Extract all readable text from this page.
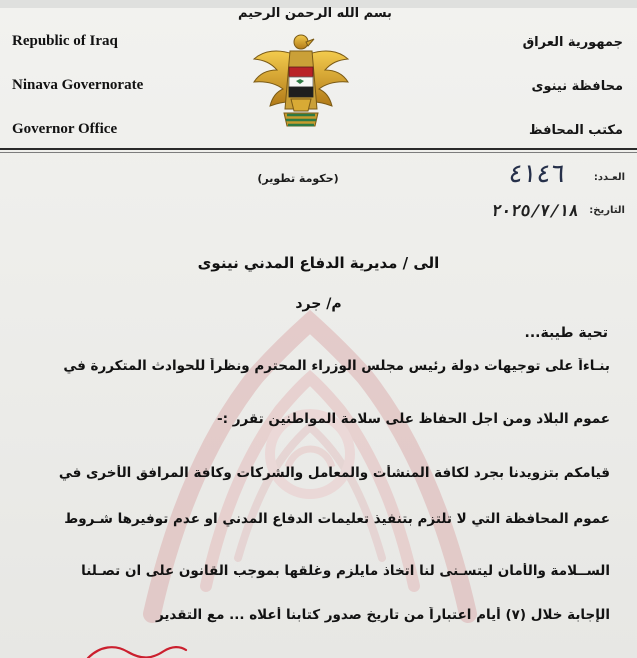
بسم الله الرحمن الرحيم
Republic of Iraq
Ninava Governorate
Governor Office
جمهورية العراق
محافظة نينوى
مكتب المحافظ
(حكومة تطوير)	العـدد:
٤١٤٦
التاريخ:
٢٠٢٥/٧/١٨
الى / مديرية الدفاع المدني نينوى
م/ جرد
تحية طيبة...
بنـاءاً على توجيهات دولة رئيس مجلس الوزراء المحترم ونظراً للحوادث المتكررة في
عموم البلاد ومن اجل الحفاظ على سلامة المواطنين تقرر :-
قيامكم بتزويدنا بجرد لكافة المنشأت والمعامل والشركات وكافة المرافق الأخرى في
عموم المحافظة التي لا تلتزم بتنفيذ تعليمات الدفاع المدني او عدم توفيرها شـروط
الســلامة والأمان ليتسـنى لنا اتخاذ مايلزم وغلقها بموجب القانون على ان تصـلنا
الإجابة خلال (٧) أيام اعتباراً من تاريخ صدور كتابنا أعلاه ... مع التقدير
